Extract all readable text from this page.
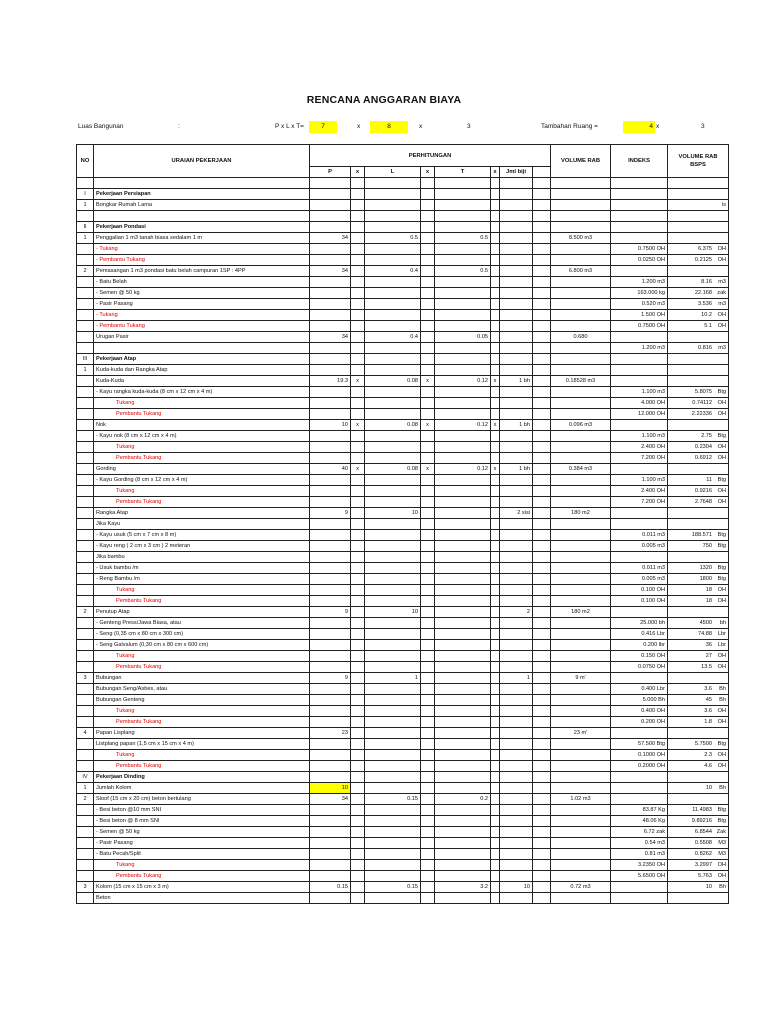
RENCANA ANGGARAN BIAYA
Luas Bangunan	:	P x L x T=	7	x	8	x	3	Tambahan Ruang =	4 x	3
NO	URAIAN PEKERJAAN	PERHITUNGAN								VOLUME RAB	INDEKS	VOLUME RAB BSPS
		P	x	L	x	T	x	Jml biji				

I	Pekerjaan Persiapan											
1	Bongkar Rumah Lama											ls

II	Pekerjaan Pondasi											
1	Penggalian 1 m3 tanah biasa sedalam 1 m	34		0.5		0.5				8.500 m3		
	- Tukang										0.7500 OH	6.375 OH
	- Pembantu Tukang										0.0250 OH	0.2125 OH
2	Pemasangan 1 m3 pondasi batu belah campuran 1SP : 4PP	34		0.4		0.5				6.800 m3		
	- Batu Belah										1.200 m3	8.16 m3
	- Semen @ 50 kg										163.000 kg	22.168 zak
	- Pasir Pasang										0.520 m3	3.536 m3
	- Tukang										1.500 OH	10.2 OH
	- Pembantu Tukang										0.7500 OH	5.1 OH
	Urugan Pasir	34		0.4		0.05				0.680		
											1.200 m3	0.816 m3
III	Pekerjaan Atap											
1	Kuda-kuda dan Rangka Atap											
	Kuda-Kuda	19.3	x	0.08	x	0.12	x	1 bh		0.18528 m3		
	- Kayu rangka kuda-kuda (8 cm x 12 cm x 4 m)										1.100 m3	5.8075 Btg
	Tukang										4.000 OH	0.74112 OH
	Pembantu Tukang										12.000 OH	2.22336 OH
	Nok	10	x	0.08	x	0.12	x	1 bh		0.096 m3		
	- Kayu nok (8 cm x 12 cm x 4 m)										1.100 m3	2.75 Btg
	Tukang										2.400 OH	0.2304 OH
	Pembantu Tukang										7.200 OH	0.6912 OH
	Gording	40	x	0.08	x	0.12	x	1 bh		0.384 m3		
	- Kayu Gording (8 cm x 12 cm x 4 m)										1.100 m3	11 Btg
	Tukang										2.400 OH	0.9216 OH
	Pembantu Tukang										7.200 OH	2.7648 OH
	Rangka Atap	9		10				2 sisi		180 m2		
	Jika Kayu											
	- Kayu usuk (5 cm x 7 cm x 8 m)										0.011 m3	188.571 Btg
	- Kayu reng ( 2 cm x 3 cm ) 2 meteran										0.005 m3	750 Btg
	Jika bambu											
	- Usuk bambu /m										0.011 m3	1320 Btg
	- Reng Bambu /m										0.005 m3	1800 Btg
	Tukang										0.100 OH	18 OH
	Pembantu Tukang										0.100 OH	18 OH
2	Penutup Atap	9		10				2		180 m2		
	- Genteng Press/Jawa Biasa, atau										25.000 bh	4500 bh
	- Seng (0,35 cm x 80 cm x 300 cm)										0.416 Lbr	74.88 Lbr
	- Seng Galvalum (0,30 cm x 80 cm x 600 cm)										0.200 lbr	36 Lbr
	Tukang										0.150 OH	27 OH
	Pembantu Tukang										0.0750 OH	13.5 OH
3	Bubungan	9		1				1		9 m'		
	Bubungan Seng/Asbes, atau										0.400 Lbr	3.6 Bh
	Bubungan Genteng										5.000 Bh	45 Bh
	Tukang										0.400 OH	3.6 OH
	Pembantu Tukang										0.200 OH	1.8 OH
4	Papan Lisplang	23								23 m'		
	Listplang papan (1,5 cm x 15 cm x 4 m)										57.500 Btg	5.7500 Btg
	Tukang										0.1000 OH	2.3 OH
	Pembantu Tukang										0.2000 OH	4.6 OH
IV	Pekerjaan Dinding											
1	Jumlah Kolom	10										10 Bh
2	Sloof (15 cm x 20 cm) beton bertulang	34		0.15		0.2				1.02 m3		
	- Besi beton @10 mm SNI										83.87 Kg	11.4983 Btg
	- Besi beton @ 8 mm SNI										48.06 Kg	9.89216 Btg
	- Semen @ 50 kg										6.72 zak	6.8544 Zak
	- Pasir Pasang										0.54 m3	0.5508 M3
	- Batu Pecah/Split										0.81 m3	0.8262 M3
	Tukang										3.2350 OH	3.2997 OH
	Pembantu Tukang										5.6500 OH	5.763 OH
3	Kolom (15 cm x 15 cm x 3 m)	0.15		0.15		3.2		10		0.72 m3		10 Bh
	Beton											
